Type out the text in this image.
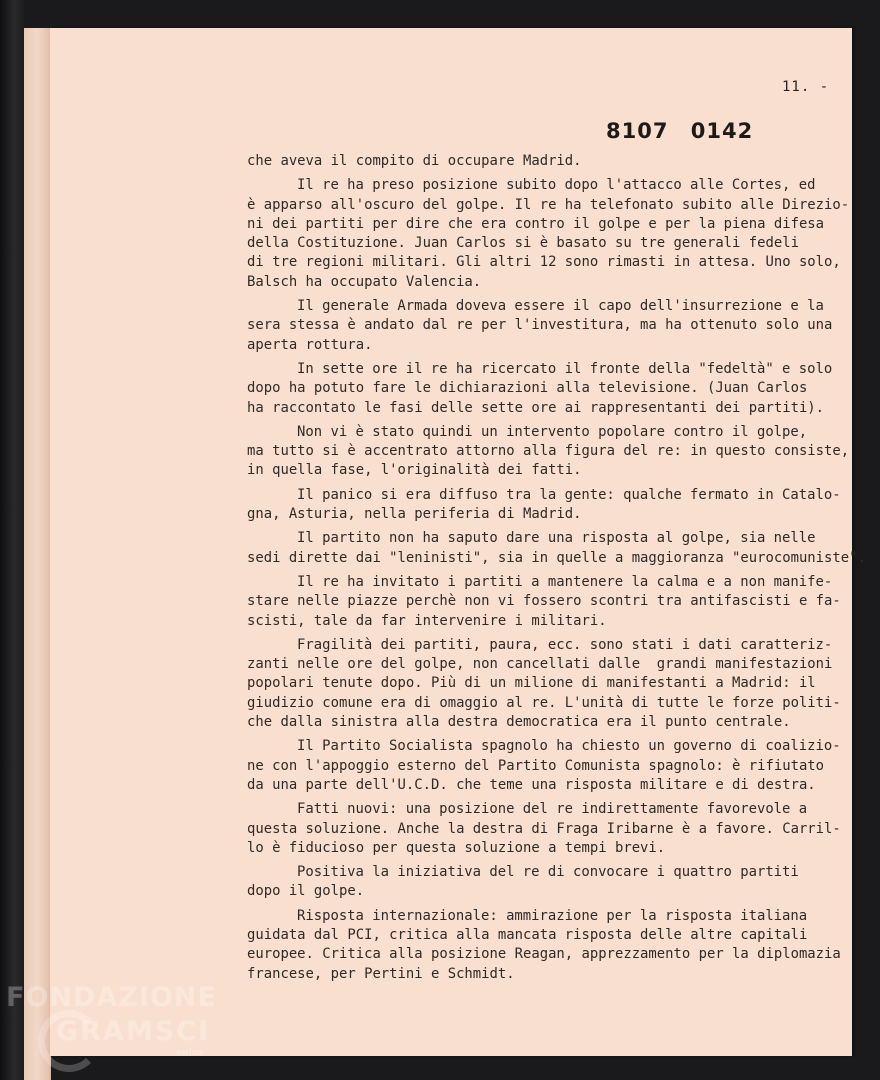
11. -
8107 0142
che aveva il compito di occupare Madrid.
Il re ha preso posizione subito dopo l'attacco alle Cortes, ed
è apparso all'oscuro del golpe. Il re ha telefonato subito alle Direzio-
ni dei partiti per dire che era contro il golpe e per la piena difesa
della Costituzione. Juan Carlos si è basato su tre generali fedeli
di tre regioni militari. Gli altri 12 sono rimasti in attesa. Uno solo,
Balsch ha occupato Valencia.
Il generale Armada doveva essere il capo dell'insurrezione e la
sera stessa è andato dal re per l'investitura, ma ha ottenuto solo una
aperta rottura.
In sette ore il re ha ricercato il fronte della "fedeltà" e solo
dopo ha potuto fare le dichiarazioni alla televisione. (Juan Carlos
ha raccontato le fasi delle sette ore ai rappresentanti dei partiti).
Non vi è stato quindi un intervento popolare contro il golpe,
ma tutto si è accentrato attorno alla figura del re: in questo consiste,
in quella fase, l'originalità dei fatti.
Il panico si era diffuso tra la gente: qualche fermato in Catalo-
gna, Asturia, nella periferia di Madrid.
Il partito non ha saputo dare una risposta al golpe, sia nelle
sedi dirette dai "leninisti", sia in quelle a maggioranza "eurocomuniste".
Il re ha invitato i partiti a mantenere la calma e a non manife-
stare nelle piazze perchè non vi fossero scontri tra antifascisti e fa-
scisti, tale da far intervenire i militari.
Fragilità dei partiti, paura, ecc. sono stati i dati caratteriz-
zanti nelle ore del golpe, non cancellati dalle  grandi manifestazioni
popolari tenute dopo. Più di un milione di manifestanti a Madrid: il
giudizio comune era di omaggio al re. L'unità di tutte le forze politi-
che dalla sinistra alla destra democratica era il punto centrale.
Il Partito Socialista spagnolo ha chiesto un governo di coalizio-
ne con l'appoggio esterno del Partito Comunista spagnolo: è rifiutato
da una parte dell'U.C.D. che teme una risposta militare e di destra.
Fatti nuovi: una posizione del re indirettamente favorevole a
questa soluzione. Anche la destra di Fraga Iribarne è a favore. Carril-
lo è fiducioso per questa soluzione a tempi brevi.
Positiva la iniziativa del re di convocare i quattro partiti
dopo il golpe.
Risposta internazionale: ammirazione per la risposta italiana
guidata dal PCI, critica alla mancata risposta delle altre capitali
europee. Critica alla posizione Reagan, apprezzamento per la diplomazia
francese, per Pertini e Schmidt.
FONDAZIONE
GRAMSCI
onlus
